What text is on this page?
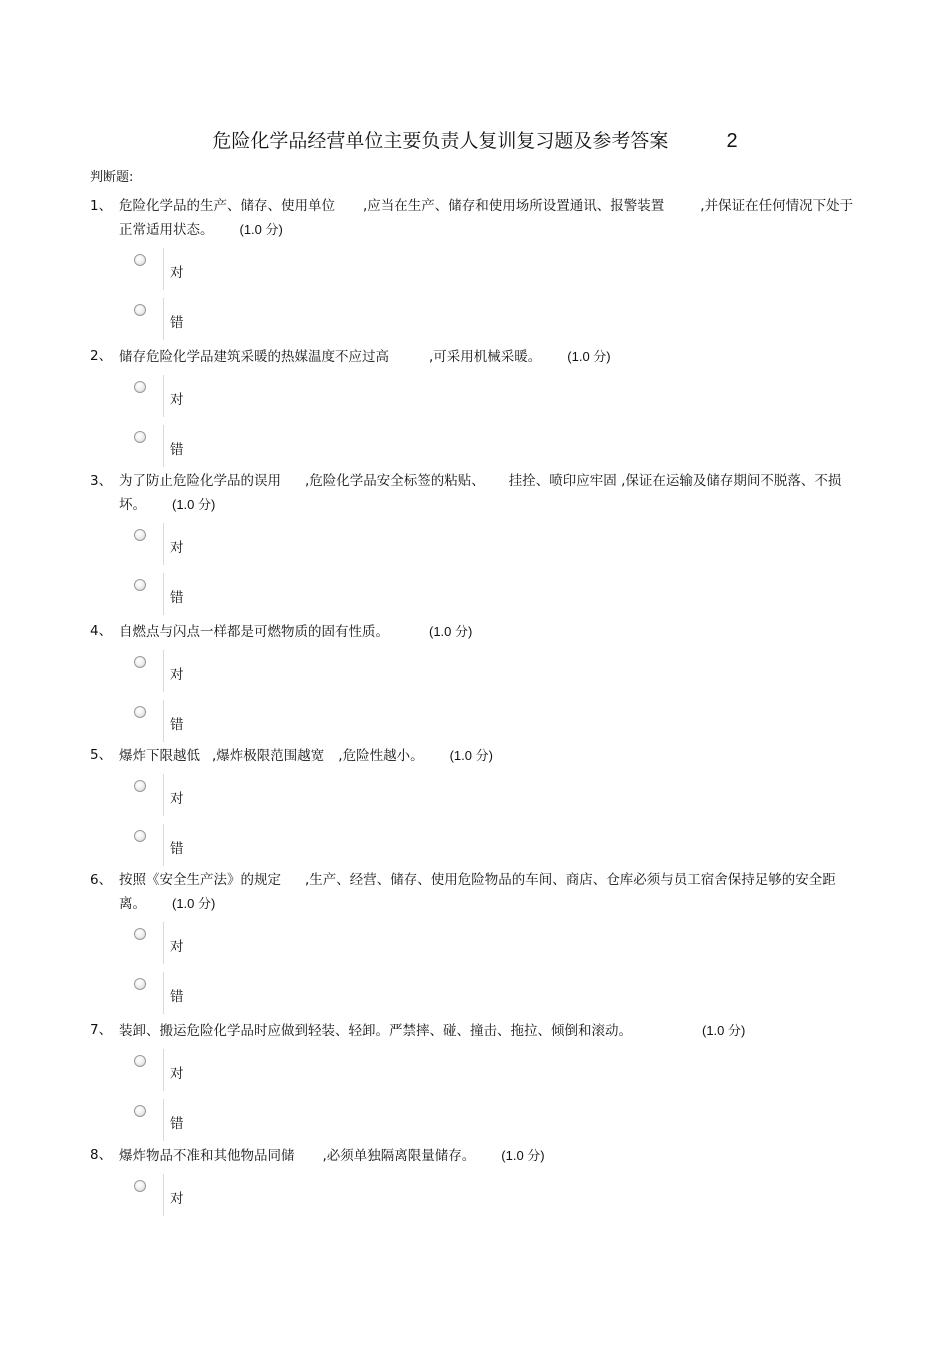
危险化学品经营单位主要负责人复训复习题及参考答案	2
判断题:
1、 危险化学品的生产、储存、使用单位 ,应当在生产、储存和使用场所设置通讯、报警装置	,并保证在任何情况下处于正常适用状态。 (1.0 分)
对
错
2、 储存危险化学品建筑采暖的热媒温度不应过高	,可采用机械采暖。 (1.0 分)
对
错
3、 为了防止危险化学品的误用 ,危险化学品安全标签的粘贴、 挂拴、喷印应牢固 ,保证在运输及储存期间不脱落、不损坏。 (1.0 分)
对
错
4、 自燃点与闪点一样都是可燃物质的固有性质。	(1.0 分)
对
错
5、 爆炸下限越低 ,爆炸极限范围越宽 ,危险性越小。 (1.0 分)
对
错
6、 按照《安全生产法》的规定 ,生产、经营、储存、使用危险物品的车间、商店、仓库必须与员工宿舍保持足够的安全距离。 (1.0 分)
对
错
7、 装卸、搬运危险化学品时应做到轻装、轻卸。严禁摔、碰、撞击、拖拉、倾倒和滚动。	(1.0 分)
对
错
8、 爆炸物品不准和其他物品同储 ,必须单独隔离限量储存。 (1.0 分)
对
